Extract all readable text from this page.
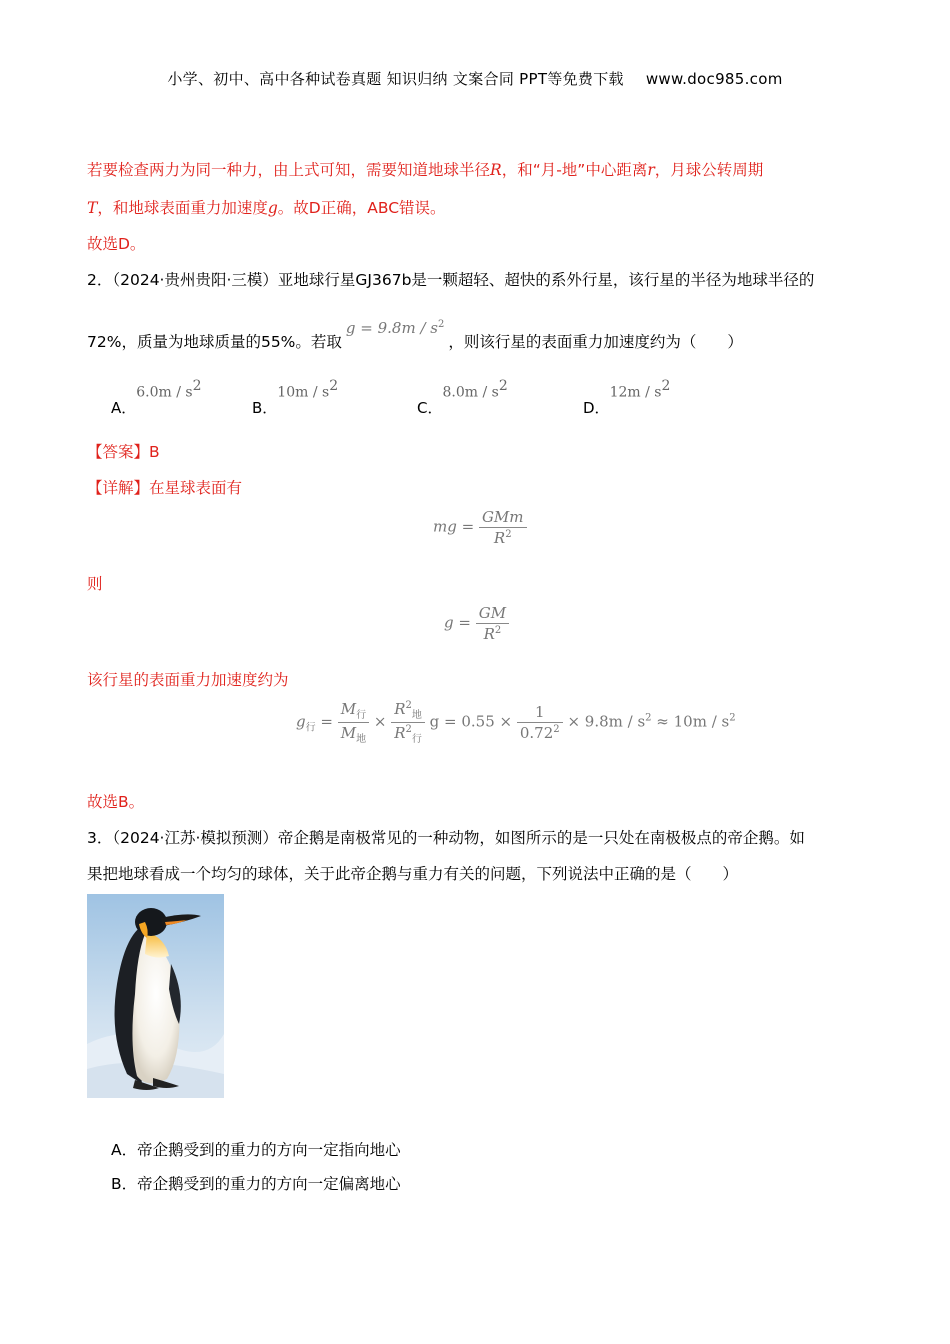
小学、初中、高中各种试卷真题 知识归纳 文案合同 PPT等免费下载 www.doc985.com
若要检查两力为同一种力，由上式可知，需要知道地球半径R，和“月-地”中心距离r，月球公转周期
T，和地球表面重力加速度g。故D正确，ABC错误。
故选D。
2．（2024·贵州贵阳·三模）亚地球行星GJ367b是一颗超轻、超快的系外行星，该行星的半径为地球半径的
72%，质量为地球质量的55%。若取$g = 9.8m / s^2$，则该行星的表面重力加速度约为（　　）
A．$6.0m / s^2$
B．$10m / s^2$
C．$8.0m / s^2$
D．$12m / s^2$
【答案】B
【详解】在星球表面有
mg = $\frac{\text{GMm}}{R^2}$
则
$g = \frac{GM}{R^2}$
该行星的表面重力加速度约为
$g_行 = \frac{M_行}{M_地} \times \frac{R^2_地}{R^2_行}$ $g = 0.55 \times \frac{1}{0.72^2} \times 9.8m / s^2 \approx 10m / s^2$
故选B。
3．（2024·江苏·模拟预测）帝企鹅是南极常见的一种动物，如图所示的是一只处在南极极点的帝企鹅。如
果把地球看成一个均匀的球体，关于此帝企鹅与重力有关的问题，下列说法中正确的是（　　）
A．帝企鹅受到的重力的方向一定指向地心
B．帝企鹅受到的重力的方向一定偏离地心
